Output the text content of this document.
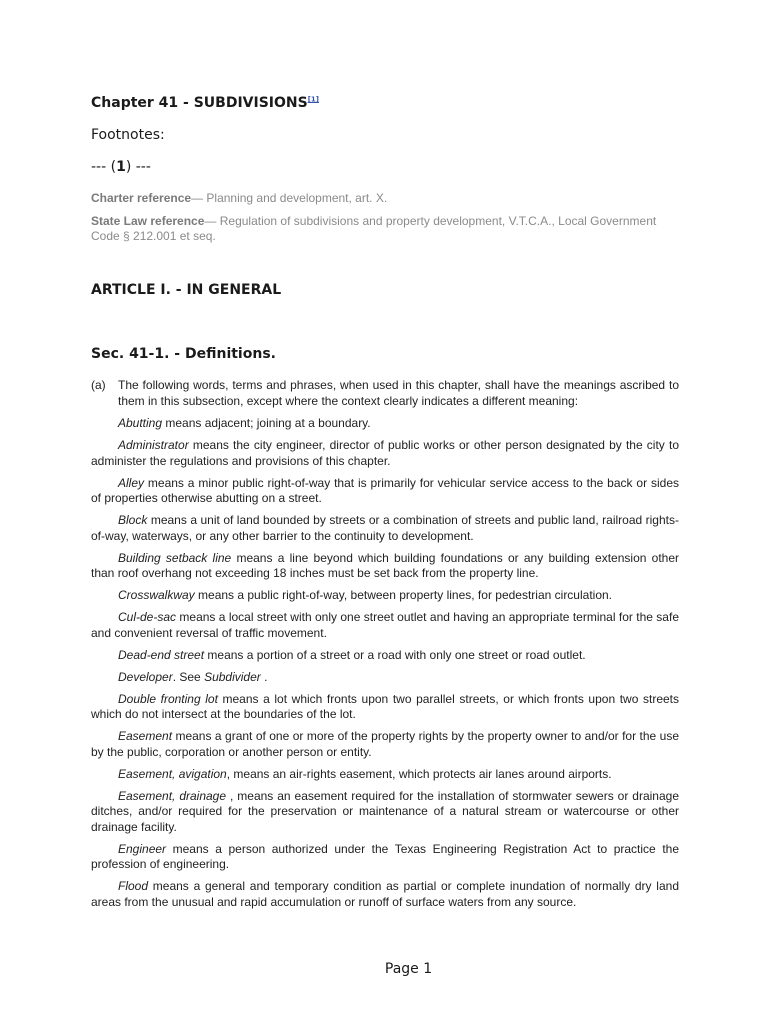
Chapter 41 - SUBDIVISIONS[1]
Footnotes:
--- (1) ---

Charter reference— Planning and development, art. X.

State Law reference— Regulation of subdivisions and property development, V.T.C.A., Local Government Code § 212.001 et seq.

ARTICLE I. - IN GENERAL
Sec. 41-1. - Definitions.
(a)	The following words, terms and phrases, when used in this chapter, shall have the meanings ascribed to them in this subsection, except where the context clearly indicates a different meaning:

Abutting means adjacent; joining at a boundary.

Administrator means the city engineer, director of public works or other person designated by the city to administer the regulations and provisions of this chapter.

Alley means a minor public right-of-way that is primarily for vehicular service access to the back or sides of properties otherwise abutting on a street.

Block means a unit of land bounded by streets or a combination of streets and public land, railroad rights-of-way, waterways, or any other barrier to the continuity to development.

Building setback line means a line beyond which building foundations or any building extension other than roof overhang not exceeding 18 inches must be set back from the property line.

Crosswalkway means a public right-of-way, between property lines, for pedestrian circulation.

Cul-de-sac means a local street with only one street outlet and having an appropriate terminal for the safe and convenient reversal of traffic movement.

Dead-end street means a portion of a street or a road with only one street or road outlet.

Developer. See Subdivider .

Double fronting lot means a lot which fronts upon two parallel streets, or which fronts upon two streets which do not intersect at the boundaries of the lot.

Easement means a grant of one or more of the property rights by the property owner to and/or for the use by the public, corporation or another person or entity.

Easement, avigation, means an air-rights easement, which protects air lanes around airports.

Easement, drainage , means an easement required for the installation of stormwater sewers or drainage ditches, and/or required for the preservation or maintenance of a natural stream or watercourse or other drainage facility.

Engineer means a person authorized under the Texas Engineering Registration Act to practice the profession of engineering.

Flood means a general and temporary condition as partial or complete inundation of normally dry land areas from the unusual and rapid accumulation or runoff of surface waters from any source.

Page 1
